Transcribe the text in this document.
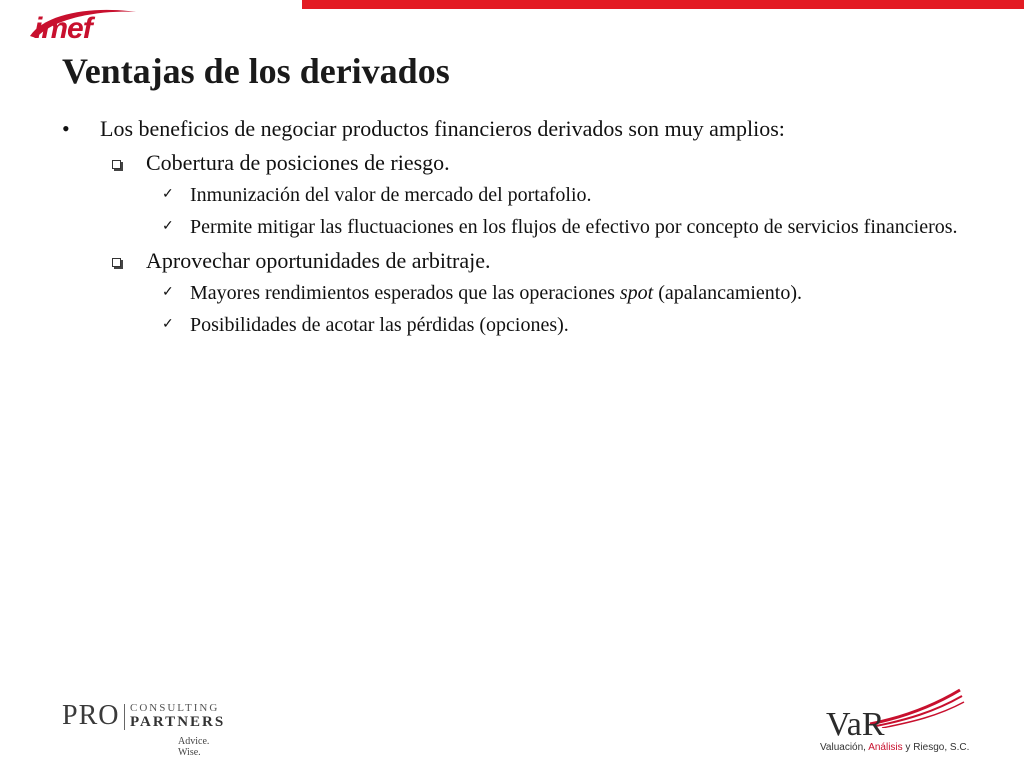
imef
Ventajas de los derivados
• Los beneficios de negociar productos financieros derivados son muy amplios:
Cobertura de posiciones de riesgo.
✓ Inmunización del valor de mercado del portafolio.
✓ Permite mitigar las fluctuaciones en los flujos de efectivo por concepto de servicios financieros.
Aprovechar oportunidades de arbitraje.
✓ Mayores rendimientos esperados que las operaciones spot (apalancamiento).
✓ Posibilidades de acotar las pérdidas (opciones).
PRO CONSULTING
PARTNERS
Advice. Wise.
VaR
Valuación, Análisis y Riesgo, S.C.
